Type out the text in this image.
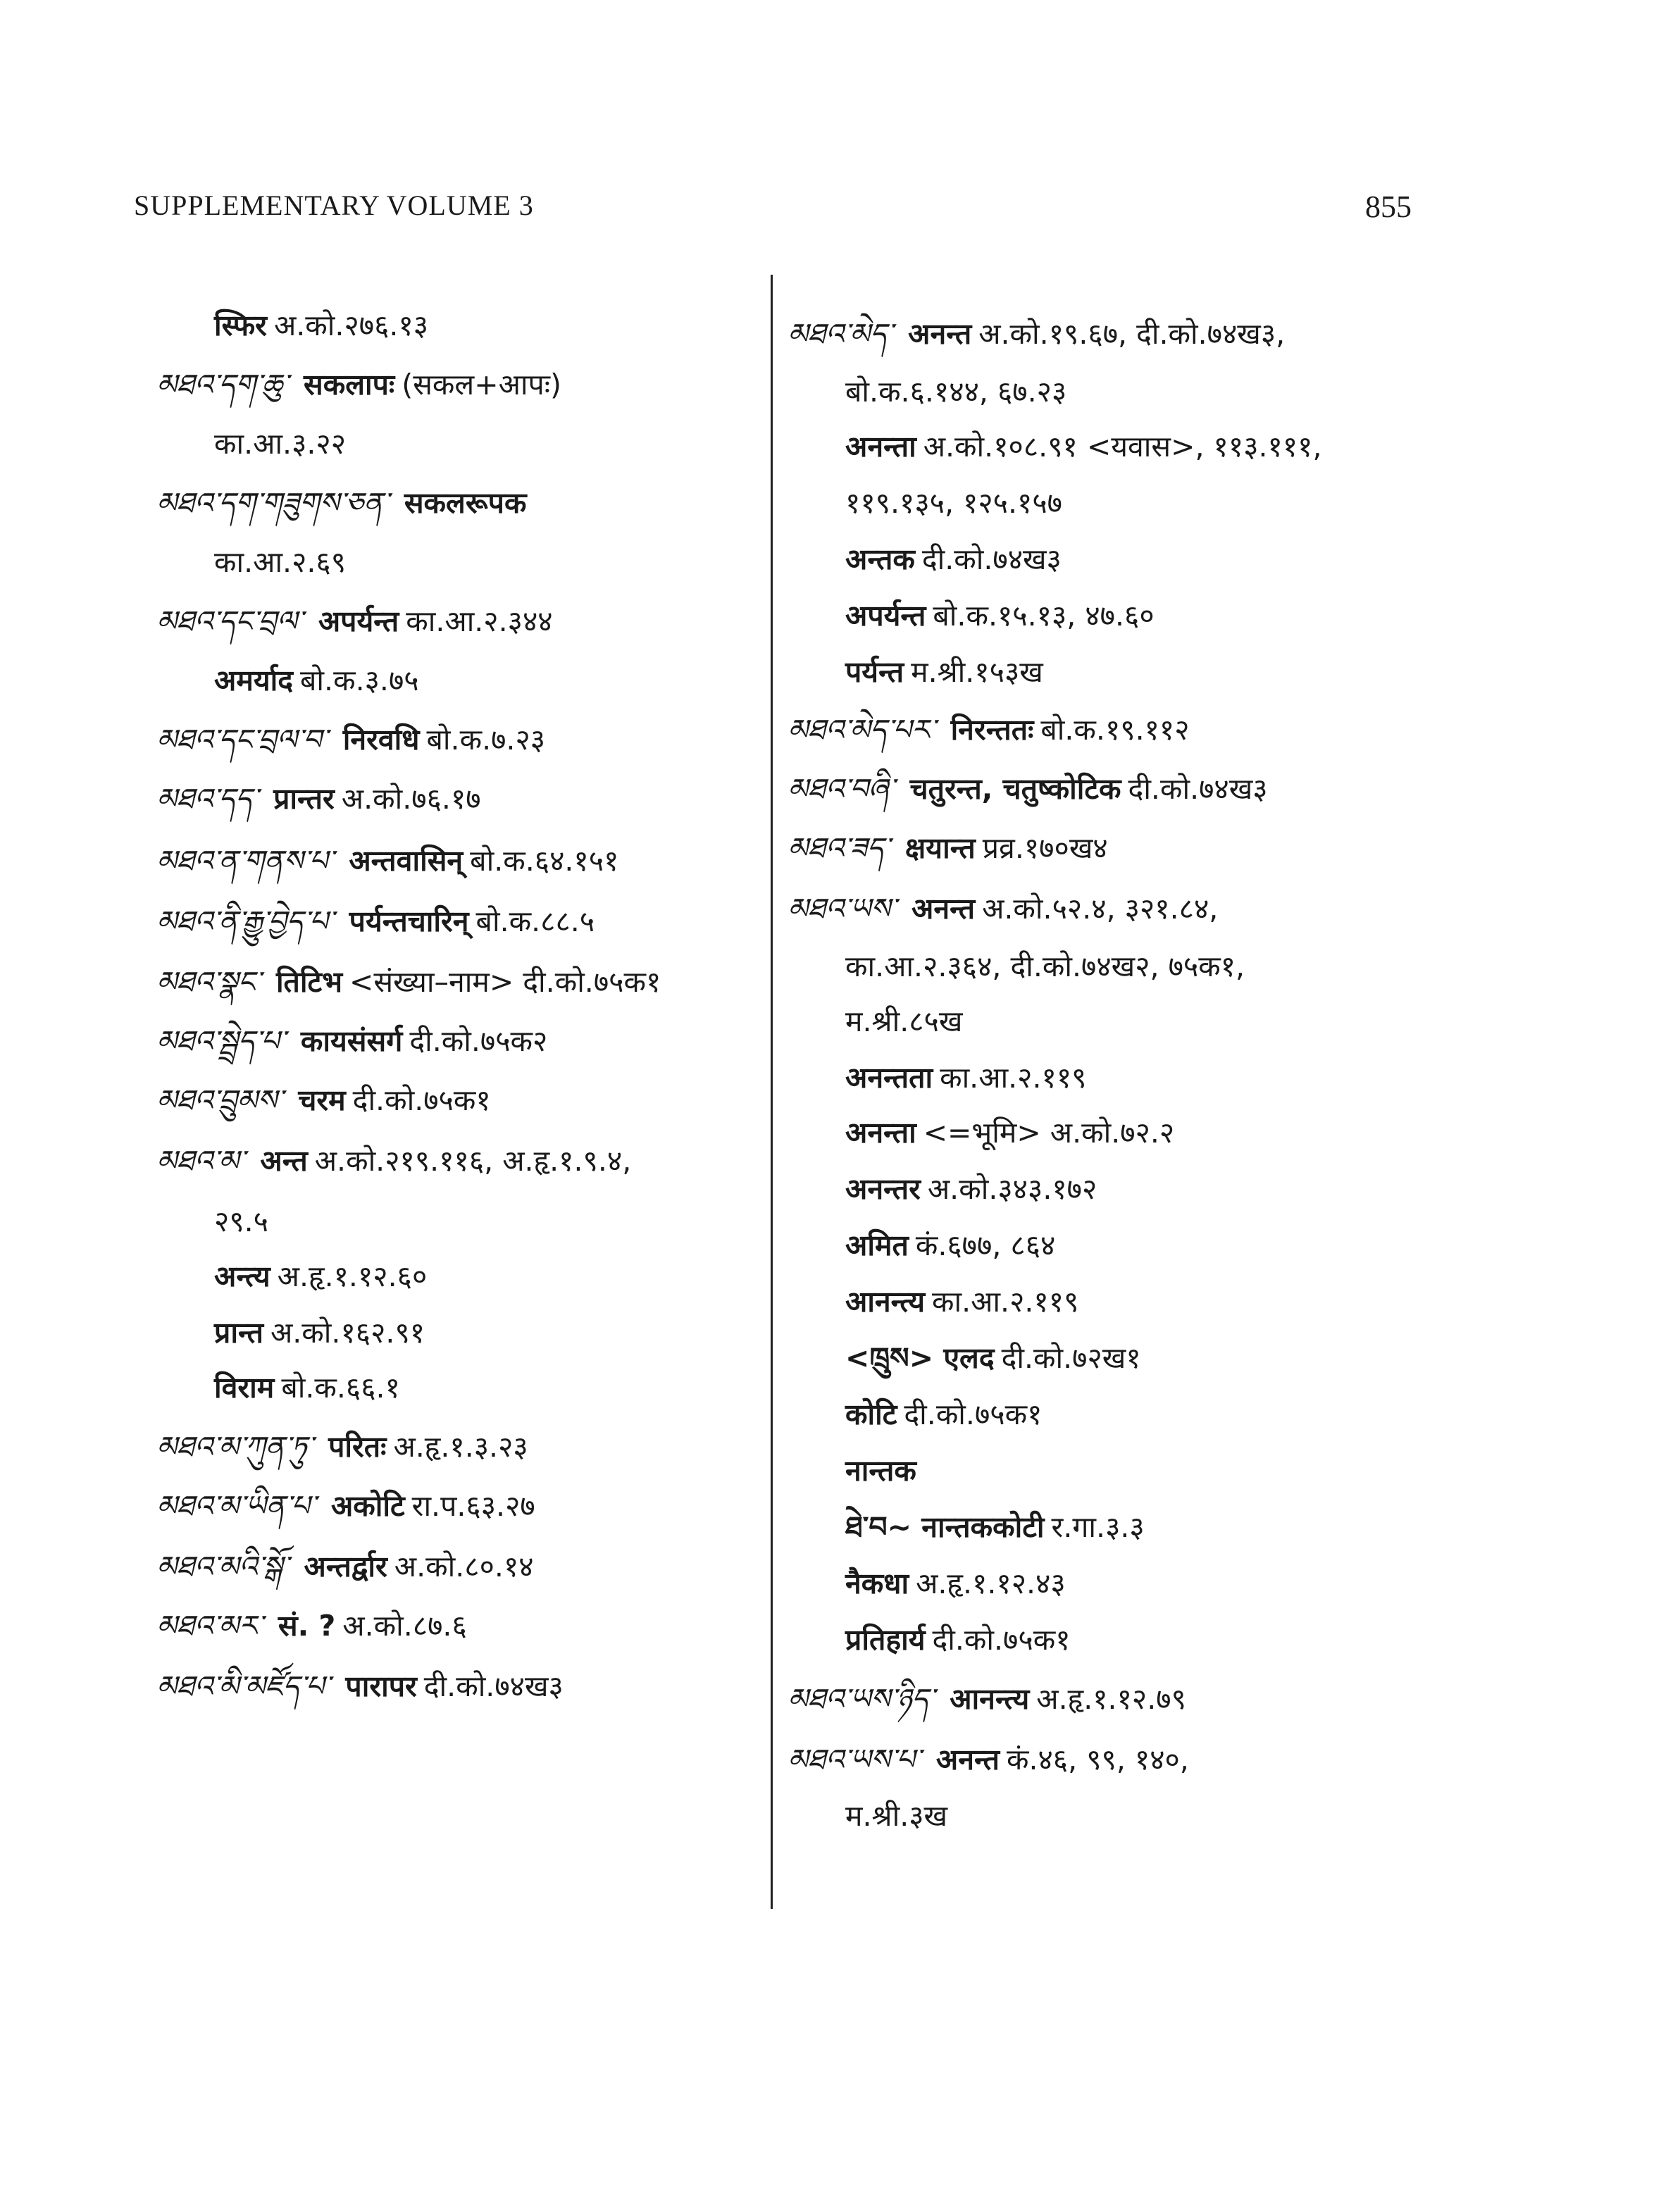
SUPPLEMENTARY VOLUME 3	855
स्फिर अ.को.२७६.१३
མཐའ་དག་ཆུ་ सकलापः (सकल+आपः)
का.आ.३.२२
མཐའ་དག་གཟུགས་ཅན་ सकलरूपक
का.आ.२.६९
མཐའ་དང་བྲལ་ अपर्यन्त का.आ.२.३४४
अमर्याद बो.क.३.७५
མཐའ་དང་བྲལ་བ་ निरवधि बो.क.७.२३
མཐའ་དད་ प्रान्तर अ.को.७६.१७
མཐའ་ན་གནས་པ་ अन्तवासिन् बो.क.६४.१५१
མཐའ་ནི་རྒྱུ་བྱེད་པ་ पर्यन्तचारिन् बो.क.८८.५
མཐའ་སྣང་ तिटिभ <संख्या–नाम> दी.को.७५क१
མཐའ་སྦྲེད་པ་ कायसंसर्ग दी.को.७५क२
མཐའ་བྲུམས་ चरम दी.को.७५क१
མཐའ་མ་ अन्त अ.को.२१९.११६, अ.हृ.१.९.४,
२९.५
अन्त्य अ.हृ.१.१२.६०
प्रान्त अ.को.१६२.९१
विराम बो.क.६६.१
མཐའ་མ་ཀུན་ཏུ་ परितः अ.हृ.१.३.२३
མཐའ་མ་ཡིན་པ་ अकोटि रा.प.६३.२७
མཐའ་མའི་སྒོ་ अन्तर्द्वार अ.को.८०.१४
མཐའ་མར་ सं. ? अ.को.८७.६
མཐའ་མི་མཛོད་པ་ पारापर दी.को.७४ख३
མཐའ་མེད་ अनन्त अ.को.१९.६७, दी.को.७४ख३,
बो.क.६.१४४, ६७.२३
अनन्ता अ.को.१०८.९१ <यवास>, ११३.१११,
११९.१३५, १२५.१५७
अन्तक दी.को.७४ख३
अपर्यन्त बो.क.१५.१३, ४७.६०
पर्यन्त म.श्री.१५३ख
མཐའ་མེད་པར་ निरन्ततः बो.क.१९.११२
མཐའ་བཞི་ चतुरन्त, चतुष्कोटिक दी.को.७४ख३
མཐའ་ཟད་ क्षयान्त प्रव्र.१७०ख४
མཐའ་ཡས་ अनन्त अ.को.५२.४, ३२१.८४,
का.आ.२.३६४, दी.को.७४ख२, ७५क१,
म.श्री.८५ख
अनन्तता का.आ.२.११९
अनन्ता <=भूमि> अ.को.७२.२
अनन्तर अ.को.३४३.१७२
अमित कं.६७७, ८६४
आनन्त्य का.आ.२.११९
<ཁྲུས> एलद दी.को.७२ख१
कोटि दी.को.७५क१
नान्तक
ཐེ་བ~ नान्तककोटी र.गा.३.३
नैकधा अ.हृ.१.१२.४३
प्रतिहार्य दी.को.७५क१
མཐའ་ཡས་ཉིད་ आनन्त्य अ.हृ.१.१२.७९
མཐའ་ཡས་པ་ अनन्त कं.४६, ९९, १४०,
म.श्री.३ख
